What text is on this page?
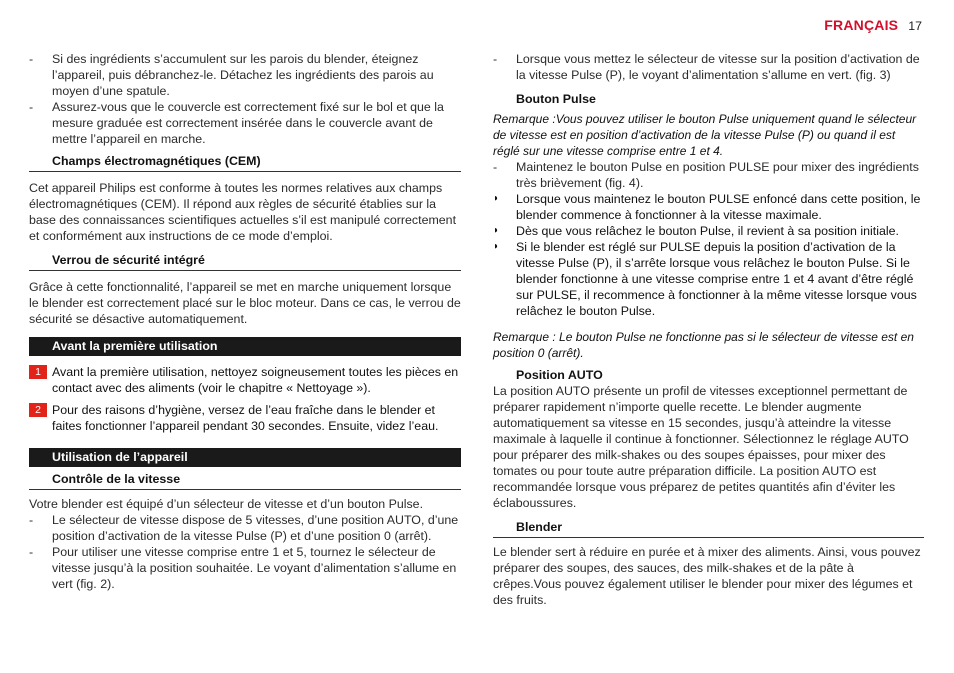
FRANÇAIS 17
- Si des ingrédients s’accumulent sur les parois du blender, éteignez l’appareil, puis débranchez-le. Détachez les ingrédients des parois au moyen d’une spatule.
- Assurez-vous que le couvercle est correctement fixé sur le bol et que la mesure graduée est correctement insérée dans le couvercle avant de mettre l’appareil en marche.
Champs électromagnétiques (CEM)
Cet appareil Philips est conforme à toutes les normes relatives aux champs électromagnétiques (CEM). Il répond aux règles de sécurité établies sur la base des connaissances scientifiques actuelles s’il est manipulé correctement et conformément aux instructions de ce mode d’emploi.
Verrou de sécurité intégré
Grâce à cette fonctionnalité, l’appareil se met en marche uniquement lorsque le blender est correctement placé sur le bloc moteur. Dans ce cas, le verrou de sécurité se désactive automatiquement.
Avant la première utilisation
1 Avant la première utilisation, nettoyez soigneusement toutes les pièces en contact avec des aliments (voir le chapitre « Nettoyage »).
2 Pour des raisons d’hygiène, versez de l’eau fraîche dans le blender et faites fonctionner l’appareil pendant 30 secondes. Ensuite, videz l’eau.
Utilisation de l’appareil
Contrôle de la vitesse
Votre blender est équipé d’un sélecteur de vitesse et d’un bouton Pulse.
- Le sélecteur de vitesse dispose de 5 vitesses, d’une position AUTO, d’une position d’activation de la vitesse Pulse (P) et d’une position 0 (arrêt).
- Pour utiliser une vitesse comprise entre 1 et 5, tournez le sélecteur de vitesse jusqu’à la position souhaitée. Le voyant d’alimentation s’allume en vert (fig. 2).
- Lorsque vous mettez le sélecteur de vitesse sur la position d’activation de la vitesse Pulse (P), le voyant d’alimentation s’allume en vert. (fig. 3)
Bouton Pulse
Remarque :Vous pouvez utiliser le bouton Pulse uniquement quand le sélecteur de vitesse est en position d’activation de la vitesse Pulse (P) ou quand il est réglé sur une vitesse comprise entre 1 et 4.
- Maintenez le bouton Pulse en position PULSE pour mixer des ingrédients très brièvement (fig. 4).
◗ Lorsque vous maintenez le bouton PULSE enfoncé dans cette position, le blender commence à fonctionner à la vitesse maximale.
◗ Dès que vous relâchez le bouton Pulse, il revient à sa position initiale.
◗ Si le blender est réglé sur PULSE depuis la position d’activation de la vitesse Pulse (P), il s’arrête lorsque vous relâchez le bouton Pulse. Si le blender fonctionne à une vitesse comprise entre 1 et 4 avant d’être réglé sur PULSE, il recommence à fonctionner à la même vitesse lorsque vous relâchez le bouton Pulse.
Remarque : Le bouton Pulse ne fonctionne pas si le sélecteur de vitesse est en position 0 (arrêt).
Position AUTO
La position AUTO présente un profil de vitesses exceptionnel permettant de préparer rapidement n’importe quelle recette. Le blender augmente automatiquement sa vitesse en 15 secondes, jusqu’à atteindre la vitesse maximale à laquelle il continue à fonctionner. Sélectionnez le réglage AUTO pour préparer des milk-shakes ou des soupes épaisses, pour mixer des tomates ou pour toute autre préparation difficile. La position AUTO est recommandée lorsque vous préparez de petites quantités afin d’éviter les éclaboussures.
Blender
Le blender sert à réduire en purée et à mixer des aliments. Ainsi, vous pouvez préparer des soupes, des sauces, des milk-shakes et de la pâte à crêpes.Vous pouvez également utiliser le blender pour mixer des légumes et des fruits.
